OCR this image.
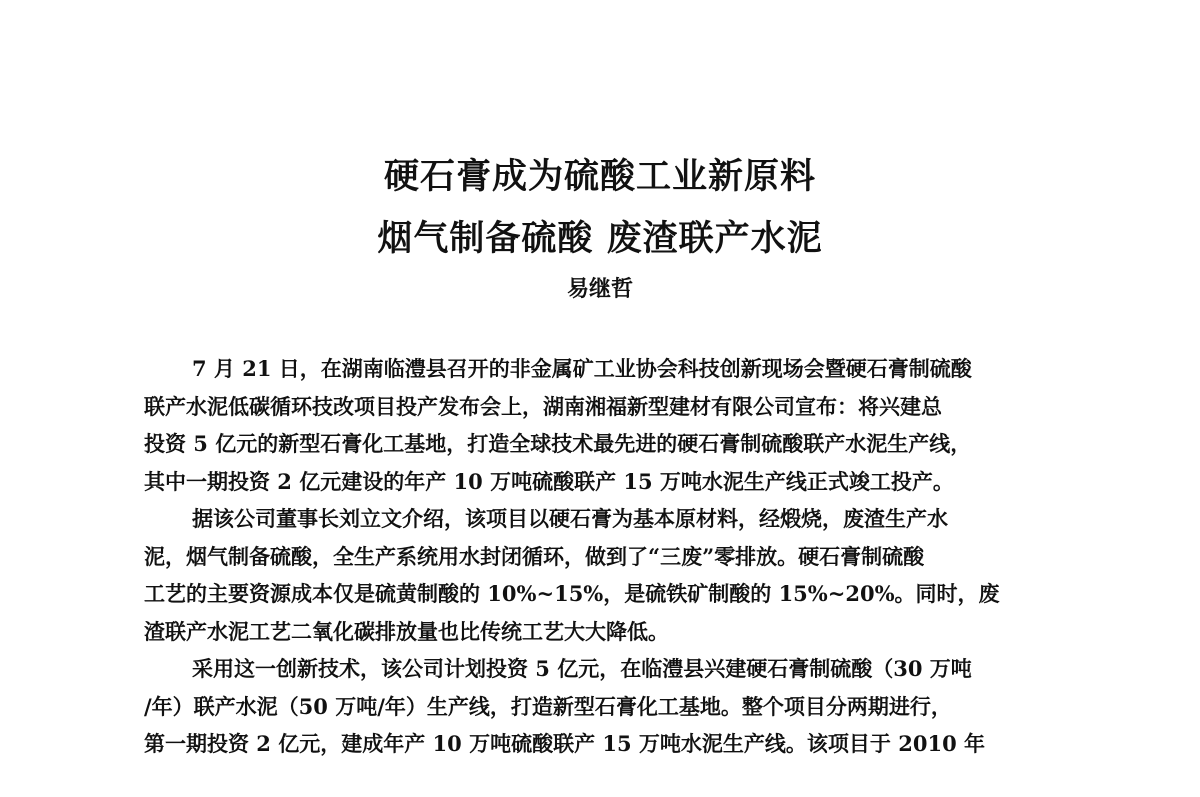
硬石膏成为硫酸工业新原料
烟气制备硫酸 废渣联产水泥
易继哲

7 月 21 日，在湖南临澧县召开的非金属矿工业协会科技创新现场会暨硬石膏制硫酸
联产水泥低碳循环技改项目投产发布会上，湖南湘福新型建材有限公司宣布：将兴建总
投资 5 亿元的新型石膏化工基地，打造全球技术最先进的硬石膏制硫酸联产水泥生产线，
其中一期投资 2 亿元建设的年产 10 万吨硫酸联产 15 万吨水泥生产线正式竣工投产。

据该公司董事长刘立文介绍，该项目以硬石膏为基本原材料，经煅烧，废渣生产水
泥，烟气制备硫酸，全生产系统用水封闭循环，做到了“三废”零排放。硬石膏制硫酸
工艺的主要资源成本仅是硫黄制酸的 10%~15%，是硫铁矿制酸的 15%~20%。同时，废
渣联产水泥工艺二氧化碳排放量也比传统工艺大大降低。

采用这一创新技术，该公司计划投资 5 亿元，在临澧县兴建硬石膏制硫酸（30 万吨
/年）联产水泥（50 万吨/年）生产线，打造新型石膏化工基地。整个项目分两期进行，
第一期投资 2 亿元，建成年产 10 万吨硫酸联产 15 万吨水泥生产线。该项目于 2010 年
